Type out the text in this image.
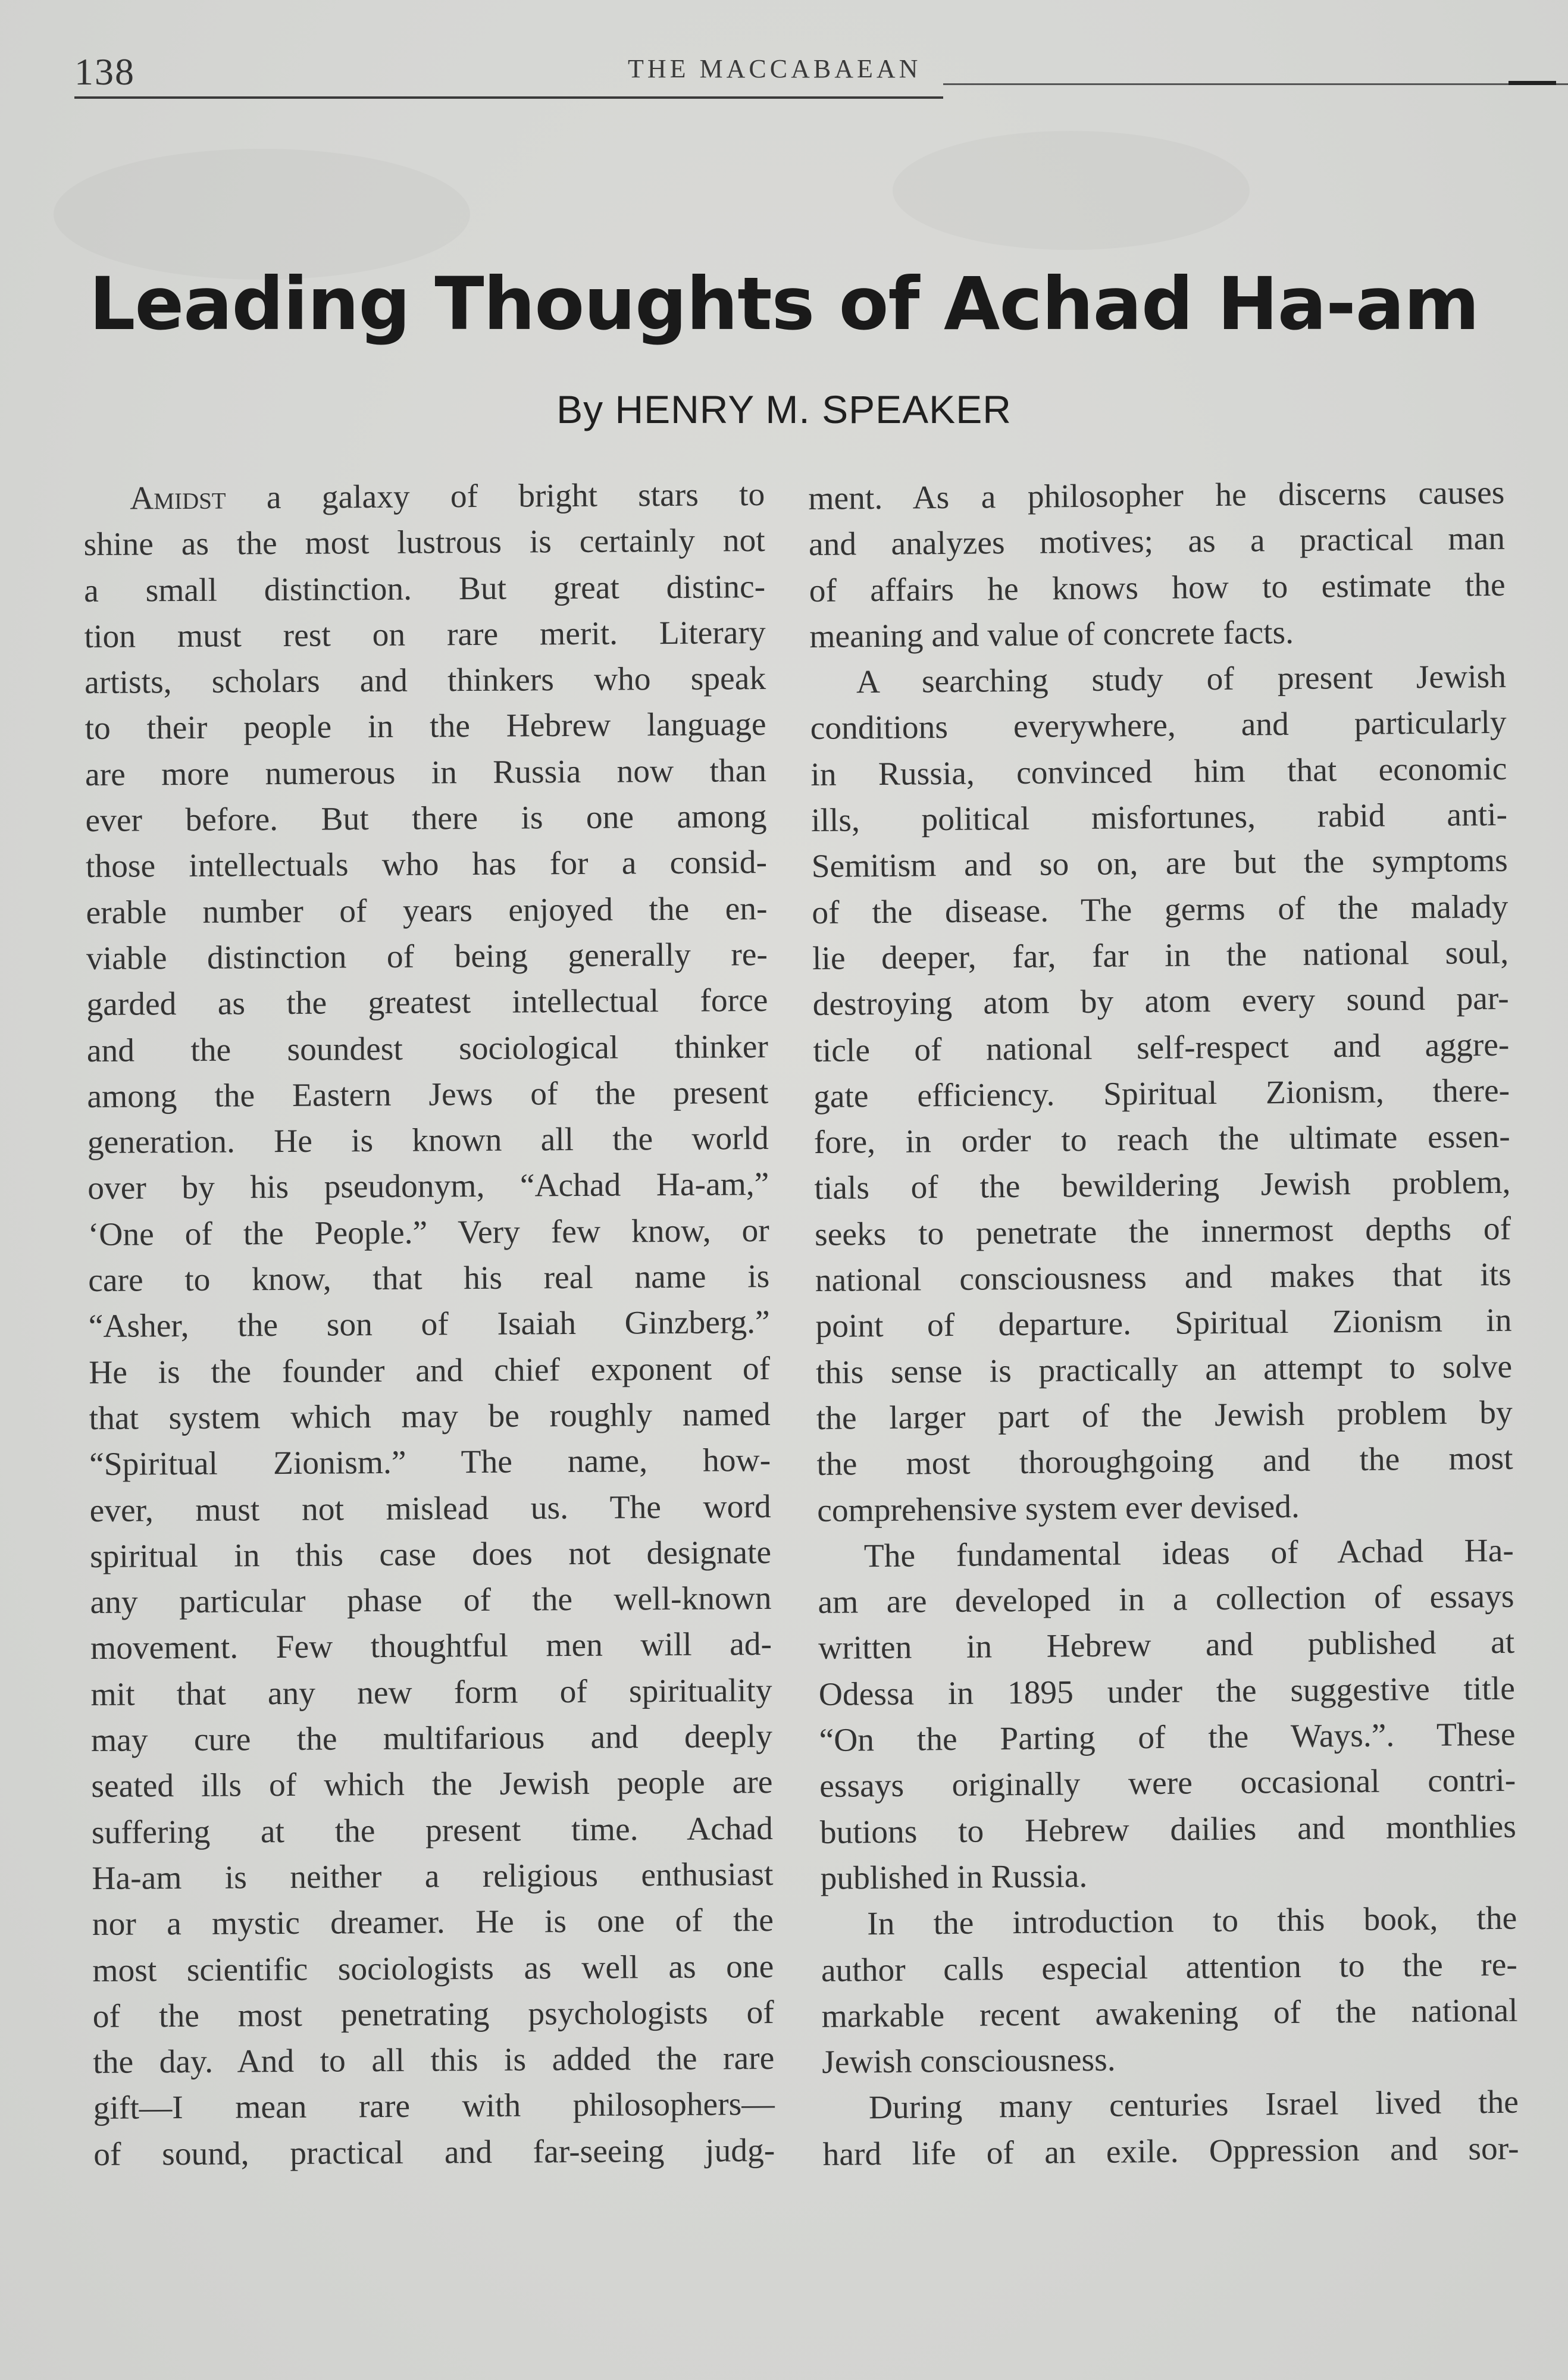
138	THE MACCABAEAN
Leading Thoughts of Achad Ha-am
By HENRY M. SPEAKER
Amidst a galaxy of bright stars to
shine as the most lustrous is certainly not
a small distinction. But great distinc-
tion must rest on rare merit. Literary
artists, scholars and thinkers who speak
to their people in the Hebrew language
are more numerous in Russia now than
ever before. But there is one among
those intellectuals who has for a consid-
erable number of years enjoyed the en-
viable distinction of being generally re-
garded as the greatest intellectual force
and the soundest sociological thinker
among the Eastern Jews of the present
generation. He is known all the world
over by his pseudonym, “Achad Ha-am,”
‘One of the People.” Very few know, or
care to know, that his real name is
“Asher, the son of Isaiah Ginzberg.”
He is the founder and chief exponent of
that system which may be roughly named
“Spiritual Zionism.” The name, how-
ever, must not mislead us. The word
spiritual in this case does not designate
any particular phase of the well-known
movement. Few thoughtful men will ad-
mit that any new form of spirituality
may cure the multifarious and deeply
seated ills of which the Jewish people are
suffering at the present time. Achad
Ha-am is neither a religious enthusiast
nor a mystic dreamer. He is one of the
most scientific sociologists as well as one
of the most penetrating psychologists of
the day. And to all this is added the rare
gift—I mean rare with philosophers—
of sound, practical and far-seeing judg-
ment. As a philosopher he discerns causes
and analyzes motives; as a practical man
of affairs he knows how to estimate the
meaning and value of concrete facts.
A searching study of present Jewish
conditions everywhere, and particularly
in Russia, convinced him that economic
ills, political misfortunes, rabid anti-
Semitism and so on, are but the symptoms
of the disease. The germs of the malady
lie deeper, far, far in the national soul,
destroying atom by atom every sound par-
ticle of national self-respect and aggre-
gate efficiency. Spiritual Zionism, there-
fore, in order to reach the ultimate essen-
tials of the bewildering Jewish problem,
seeks to penetrate the innermost depths of
national consciousness and makes that its
point of departure. Spiritual Zionism in
this sense is practically an attempt to solve
the larger part of the Jewish problem by
the most thoroughgoing and the most
comprehensive system ever devised.
The fundamental ideas of Achad Ha-
am are developed in a collection of essays
written in Hebrew and published at
Odessa in 1895 under the suggestive title
“On the Parting of the Ways.”. These
essays originally were occasional contri-
butions to Hebrew dailies and monthlies
published in Russia.
In the introduction to this book, the
author calls especial attention to the re-
markable recent awakening of the national
Jewish consciousness.
During many centuries Israel lived the
hard life of an exile. Oppression and sor-
